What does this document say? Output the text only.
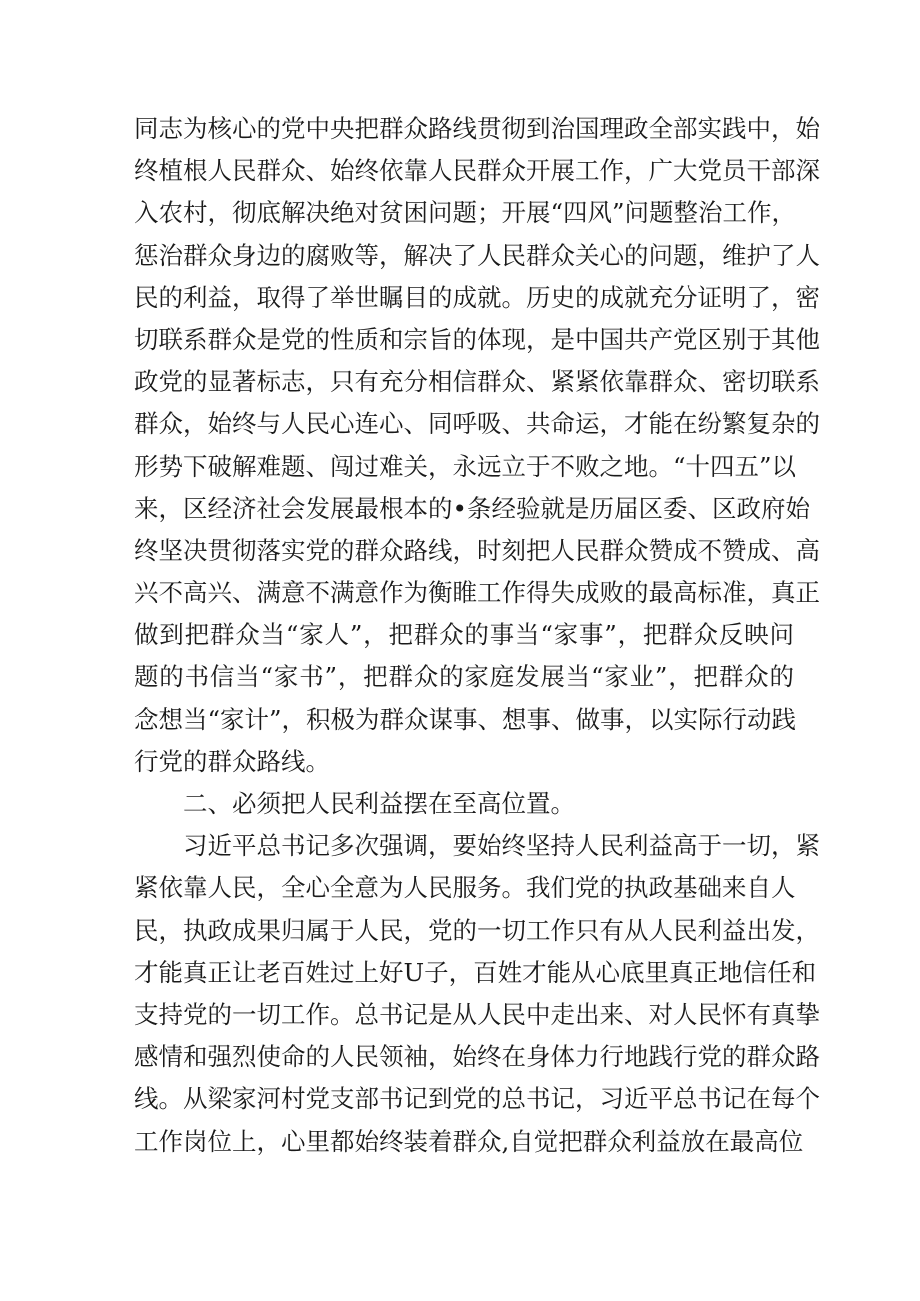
同志为核心的党中央把群众路线贯彻到治国理政全部实践中，始
终植根人民群众、始终依靠人民群众开展工作，广大党员干部深
入农村，彻底解决绝对贫困问题；开展“四风”问题整治工作，
惩治群众身边的腐败等，解决了人民群众关心的问题，维护了人
民的利益，取得了举世瞩目的成就。历史的成就充分证明了，密
切联系群众是党的性质和宗旨的体现，是中国共产党区别于其他
政党的显著标志，只有充分相信群众、紧紧依靠群众、密切联系
群众，始终与人民心连心、同呼吸、共命运，才能在纷繁复杂的
形势下破解难题、闯过难关，永远立于不败之地。“十四五”以
来，区经济社会发展最根本的•条经验就是历届区委、区政府始
终坚决贯彻落实党的群众路线，时刻把人民群众赞成不赞成、高
兴不高兴、满意不满意作为衡睢工作得失成败的最高标准，真正
做到把群众当“家人”，把群众的事当“家事”，把群众反映问
题的书信当“家书”，把群众的家庭发展当“家业”，把群众的
念想当“家计”，积极为群众谋事、想事、做事，以实际行动践
行党的群众路线。
二、必须把人民利益摆在至高位置。
习近平总书记多次强调，要始终坚持人民利益高于一切，紧
紧依靠人民，全心全意为人民服务。我们党的执政基础来自人
民，执政成果归属于人民，党的一切工作只有从人民利益出发，
才能真正让老百姓过上好U子，百姓才能从心底里真正地信任和
支持党的一切工作。总书记是从人民中走出来、对人民怀有真挚
感情和强烈使命的人民领袖，始终在身体力行地践行党的群众路
线。从梁家河村党支部书记到党的总书记，习近平总书记在每个
工作岗位上，心里都始终装着群众,自觉把群众利益放在最高位
